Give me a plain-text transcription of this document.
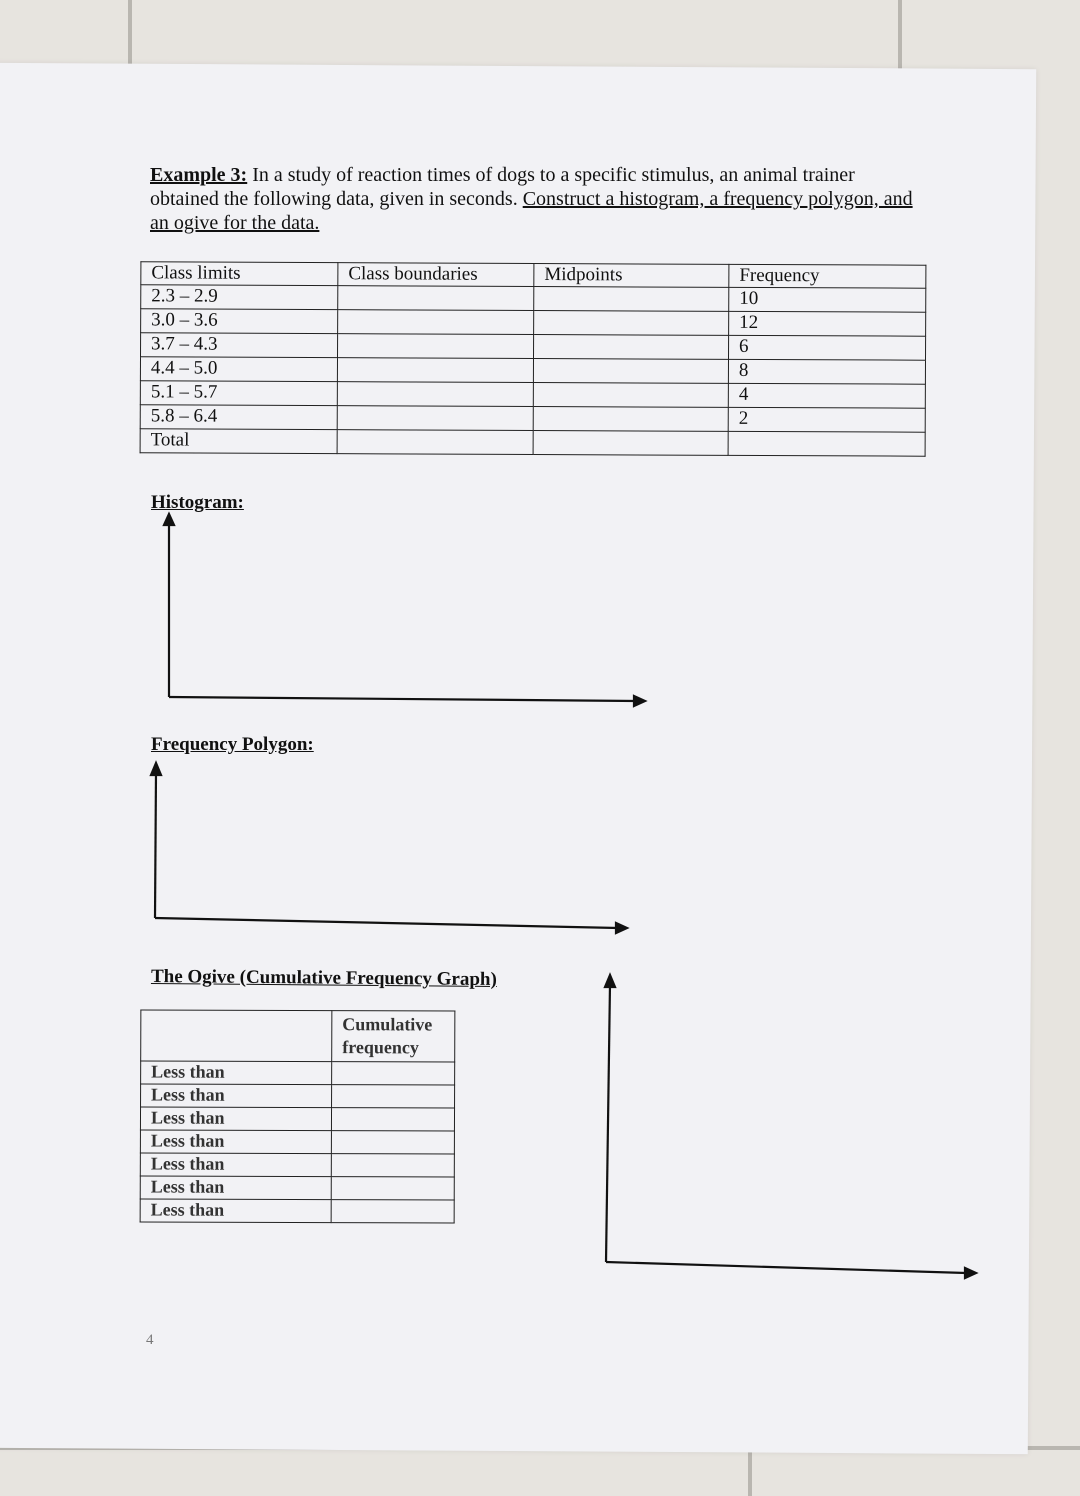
Example 3: In a study of reaction times of dogs to a specific stimulus, an animal trainer obtained the following data, given in seconds. Construct a histogram, a frequency polygon, and an ogive for the data.
Class limits	Class boundaries	Midpoints	Frequency
2.3 – 2.9			10
3.0 – 3.6			12
3.7 – 4.3			6
4.4 – 5.0			8
5.1 – 5.7			4
5.8 – 6.4			2
Total			
Histogram:
Frequency Polygon:
The Ogive (Cumulative Frequency Graph)
	Cumulative frequency
Less than	
Less than	
Less than	
Less than	
Less than	
Less than	
Less than	
4
